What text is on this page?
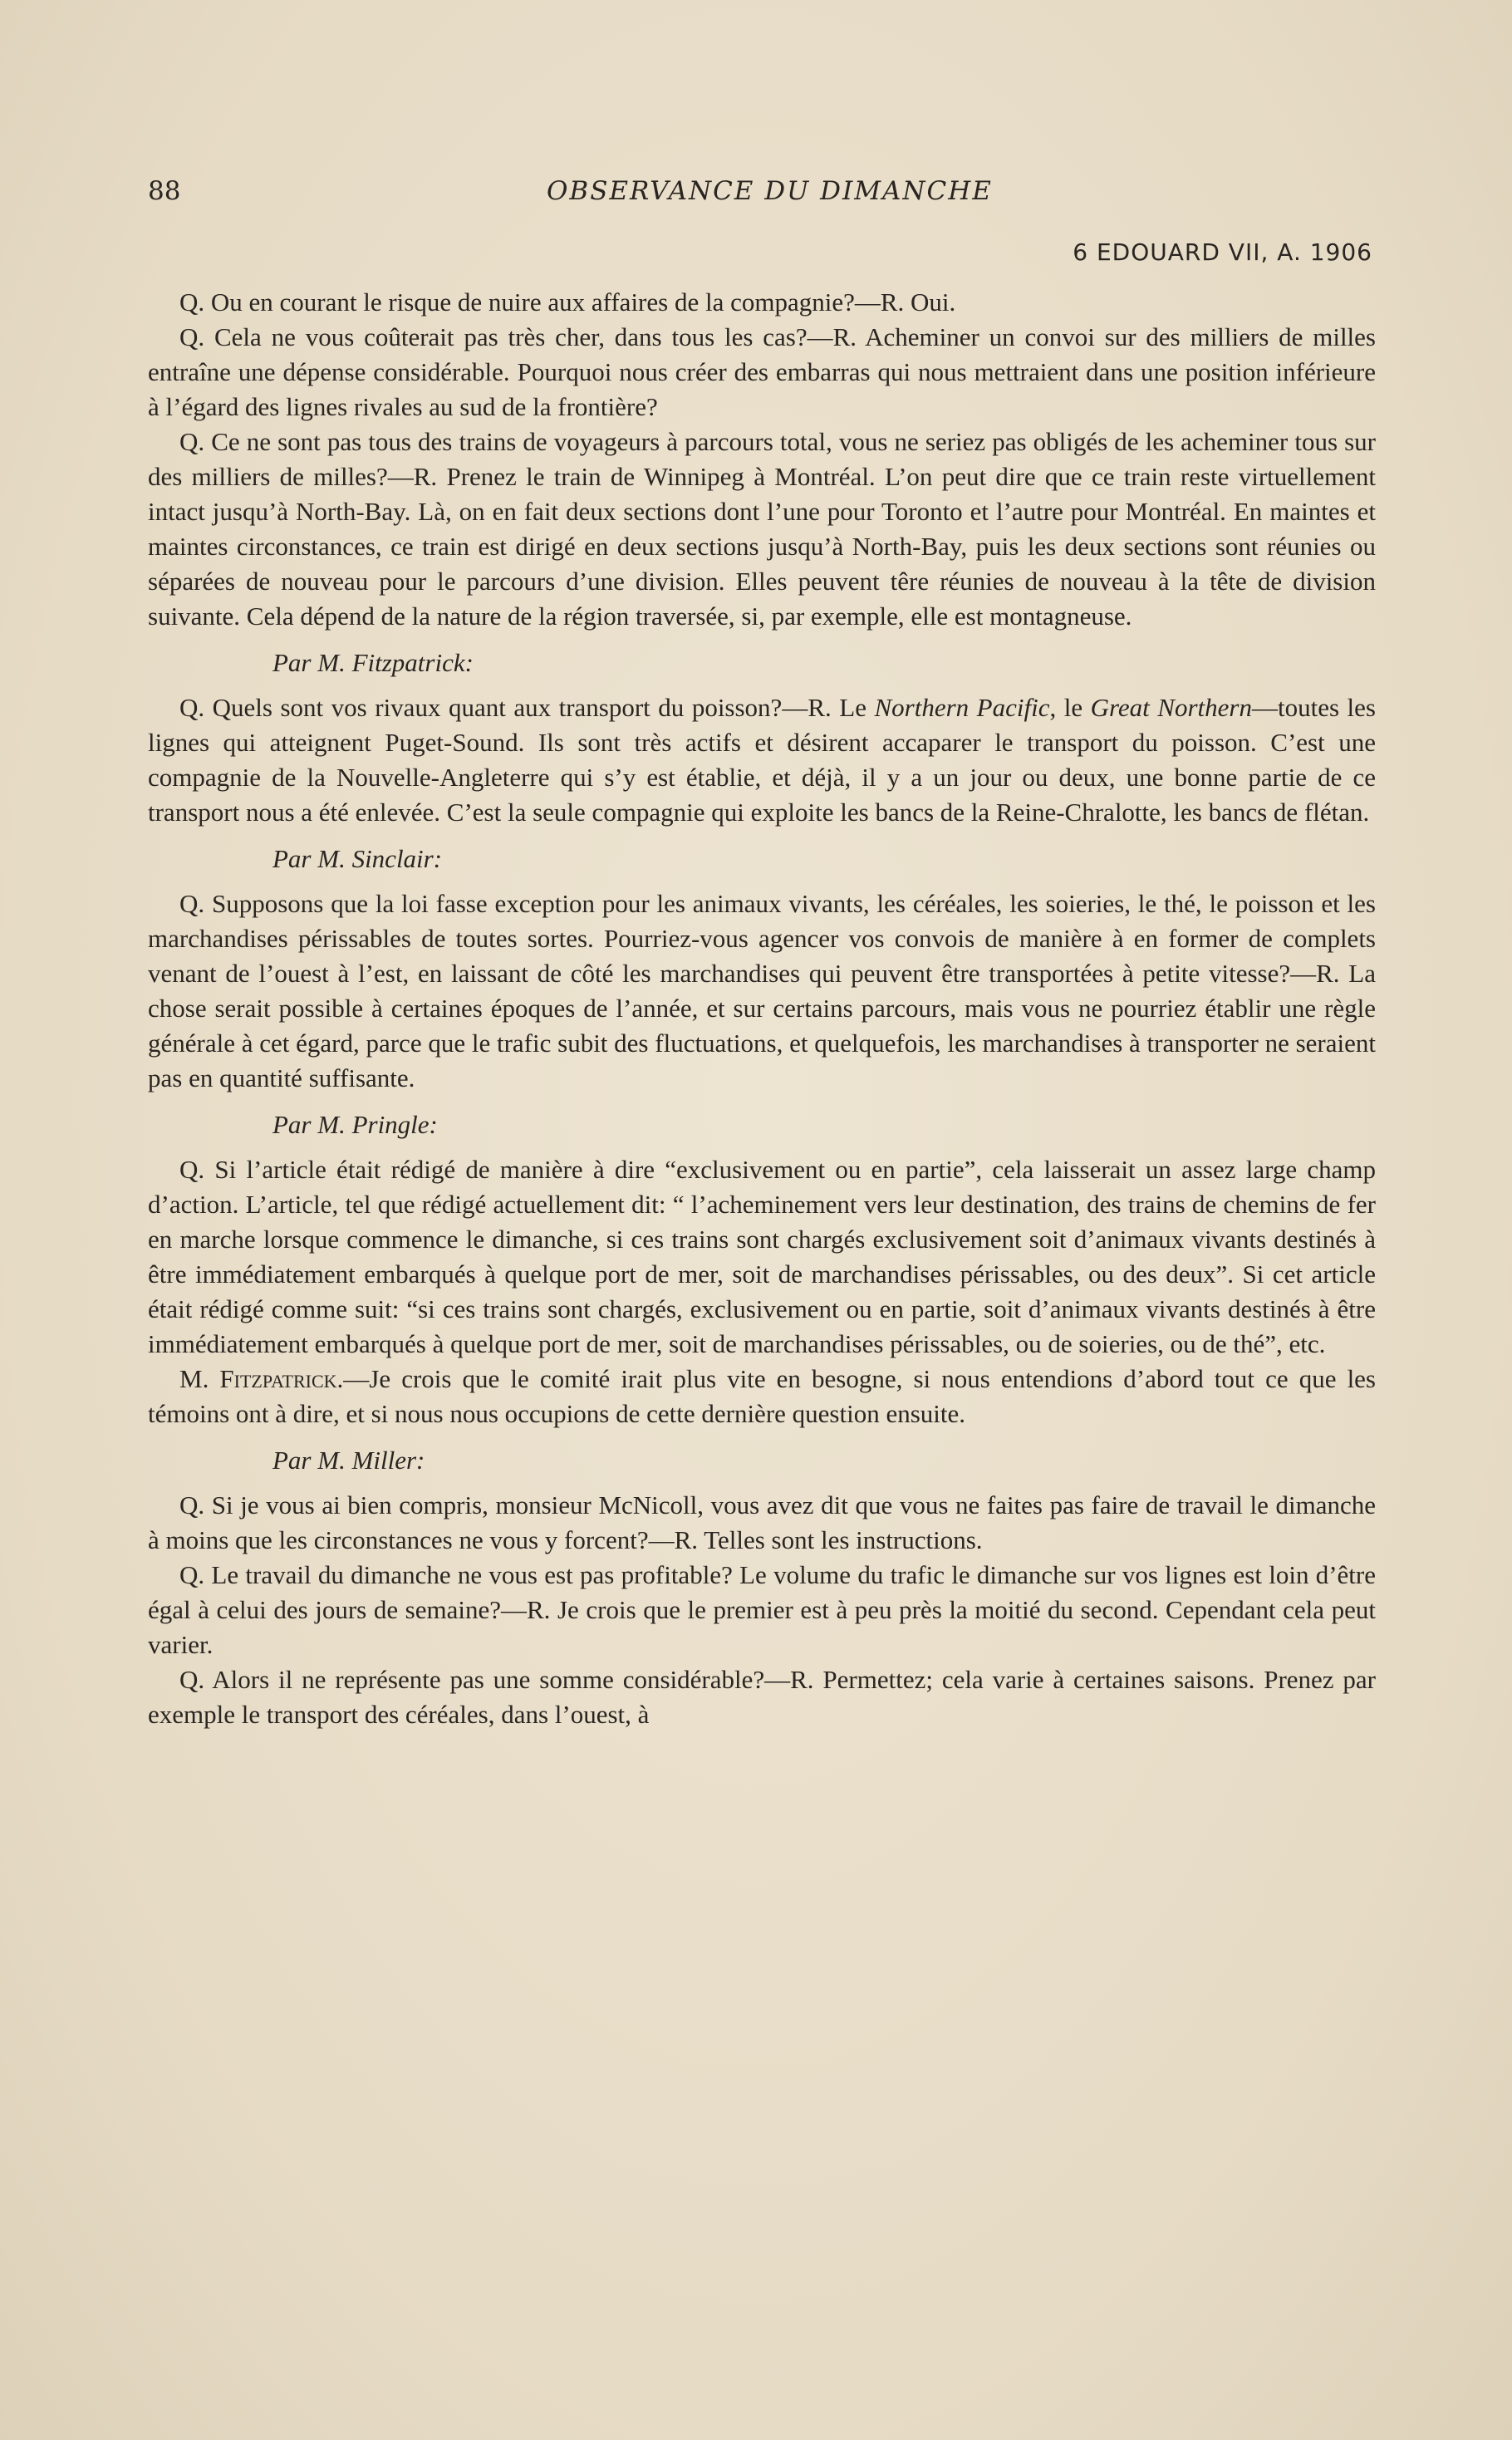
88	OBSERVANCE DU DIMANCHE
6 EDOUARD VII, A. 1906

Q. Ou en courant le risque de nuire aux affaires de la compagnie?—R. Oui.

Q. Cela ne vous coûterait pas très cher, dans tous les cas?—R. Acheminer un convoi sur des milliers de milles entraîne une dépense considérable. Pourquoi nous créer des embarras qui nous mettraient dans une position inférieure à l’égard des lignes rivales au sud de la frontière?

Q. Ce ne sont pas tous des trains de voyageurs à parcours total, vous ne seriez pas obligés de les acheminer tous sur des milliers de milles?—R. Prenez le train de Winnipeg à Montréal. L’on peut dire que ce train reste virtuellement intact jusqu’à North-Bay. Là, on en fait deux sections dont l’une pour Toronto et l’autre pour Montréal. En maintes et maintes circonstances, ce train est dirigé en deux sections jusqu’à North-Bay, puis les deux sections sont réunies ou séparées de nouveau pour le parcours d’une division. Elles peuvent têre réunies de nouveau à la tête de division suivante. Cela dépend de la nature de la région traversée, si, par exemple, elle est montagneuse.

Par M. Fitzpatrick:

Q. Quels sont vos rivaux quant aux transport du poisson?—R. Le Northern Pacific, le Great Northern—toutes les lignes qui atteignent Puget-Sound. Ils sont très actifs et désirent accaparer le transport du poisson. C’est une compagnie de la Nouvelle-Angleterre qui s’y est établie, et déjà, il y a un jour ou deux, une bonne partie de ce transport nous a été enlevée. C’est la seule compagnie qui exploite les bancs de la Reine-Chralotte, les bancs de flétan.

Par M. Sinclair:

Q. Supposons que la loi fasse exception pour les animaux vivants, les céréales, les soieries, le thé, le poisson et les marchandises périssables de toutes sortes. Pourriez-vous agencer vos convois de manière à en former de complets venant de l’ouest à l’est, en laissant de côté les marchandises qui peuvent être transportées à petite vitesse?—R. La chose serait possible à certaines époques de l’année, et sur certains parcours, mais vous ne pourriez établir une règle générale à cet égard, parce que le trafic subit des fluctuations, et quelquefois, les marchandises à transporter ne seraient pas en quantité suffisante.

Par M. Pringle:

Q. Si l’article était rédigé de manière à dire “exclusivement ou en partie”, cela laisserait un assez large champ d’action. L’article, tel que rédigé actuellement dit: “ l’acheminement vers leur destination, des trains de chemins de fer en marche lorsque commence le dimanche, si ces trains sont chargés exclusivement soit d’animaux vivants destinés à être immédiatement embarqués à quelque port de mer, soit de marchandises périssables, ou des deux”. Si cet article était rédigé comme suit: “si ces trains sont chargés, exclusivement ou en partie, soit d’animaux vivants destinés à être immédiatement embarqués à quelque port de mer, soit de marchandises périssables, ou de soieries, ou de thé”, etc.

M. Fitzpatrick.—Je crois que le comité irait plus vite en besogne, si nous entendions d’abord tout ce que les témoins ont à dire, et si nous nous occupions de cette dernière question ensuite.

Par M. Miller:

Q. Si je vous ai bien compris, monsieur McNicoll, vous avez dit que vous ne faites pas faire de travail le dimanche à moins que les circonstances ne vous y forcent?—R. Telles sont les instructions.

Q. Le travail du dimanche ne vous est pas profitable? Le volume du trafic le dimanche sur vos lignes est loin d’être égal à celui des jours de semaine?—R. Je crois que le premier est à peu près la moitié du second. Cependant cela peut varier.

Q. Alors il ne représente pas une somme considérable?—R. Permettez; cela varie à certaines saisons. Prenez par exemple le transport des céréales, dans l’ouest, à
